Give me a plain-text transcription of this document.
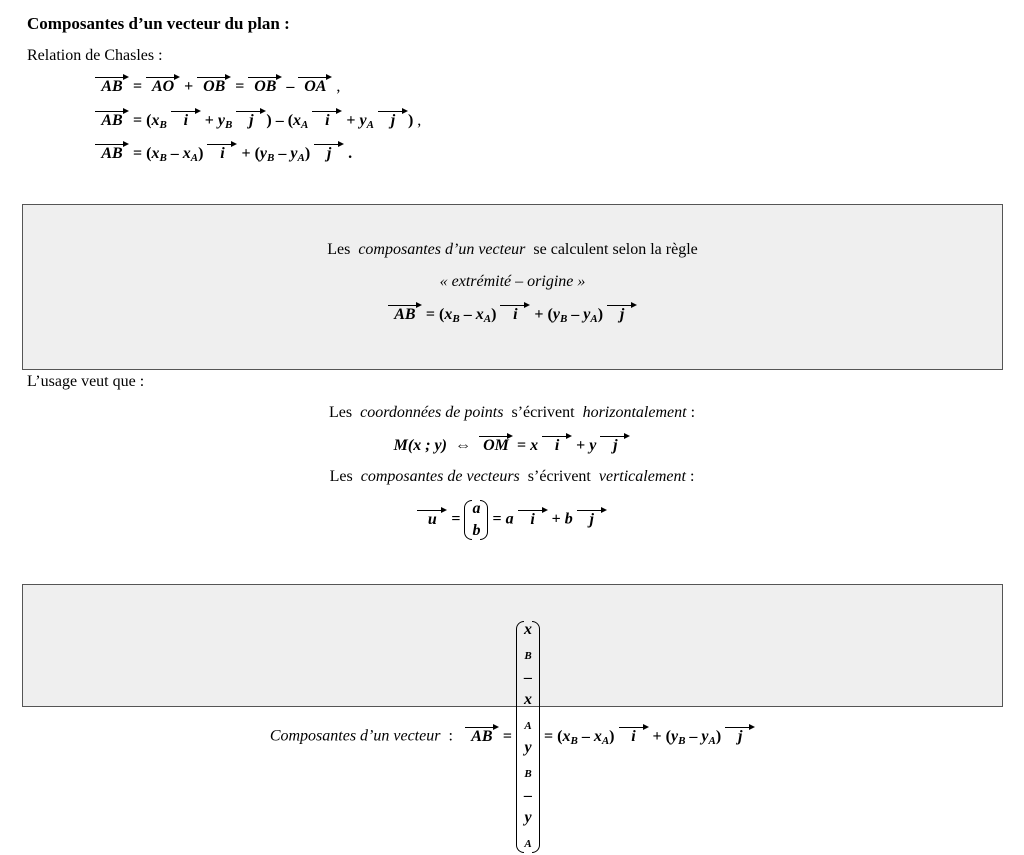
Composantes d’un vecteur du plan :
Relation de Chasles :
AB = AO + OB = OB – OA ,
AB = ($x_B$ $i + y_B$ j ) – ($x_A$ $i + y_A$ j ) ,
AB = $(x_B - x_A) i + (y_B - y_A)$ j .
Les composantes d’un vecteur se calculent selon la règle
« extrémité – origine »
AB = $(x_B - x_A) i + (y_B - y_A)$ j
L’usage veut que :
Les coordonnées de points s’écrivent horizontalement :
M(x ; y) ⇔ OM = x i + y j
Les composantes de vecteurs s’écrivent verticalement :
u =
a
b
= a i + b j
Composantes d’un vecteur : AB =
x
$_B$
–
x
$_A$
y
$_B$
–
y
$_A$
= $(x_B - x_A) i + (y_B - y_A)$ j
